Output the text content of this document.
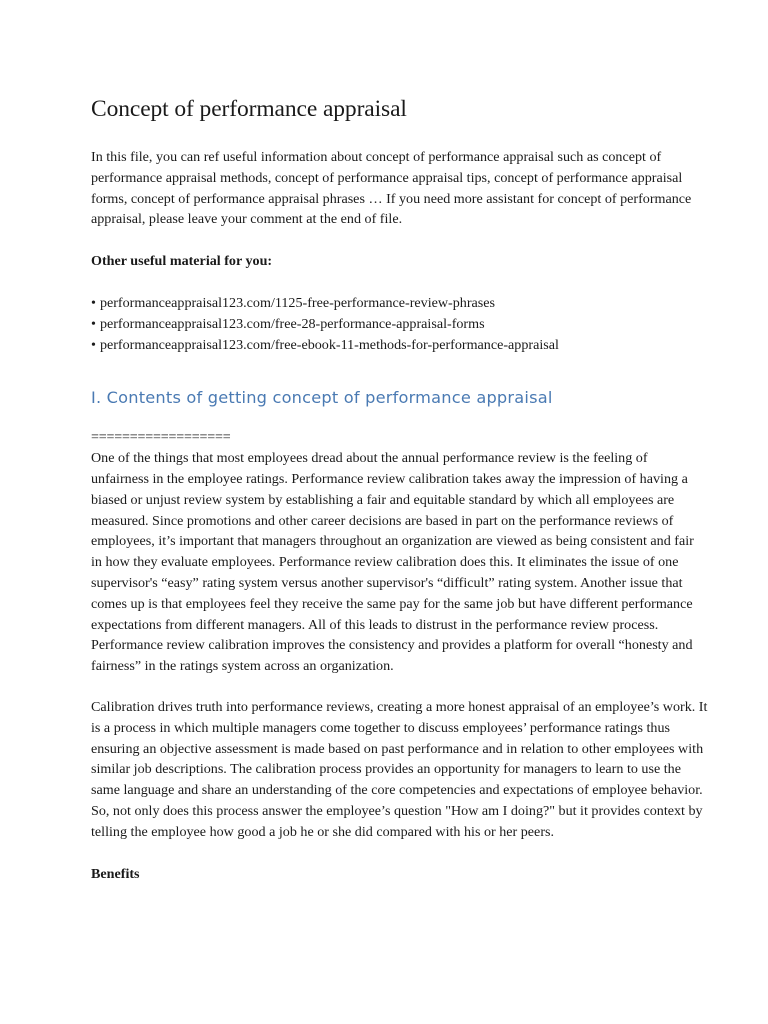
Concept of performance appraisal

In this file, you can ref useful information about concept of performance appraisal such as concept of performance appraisal methods, concept of performance appraisal tips, concept of performance appraisal forms, concept of performance appraisal phrases … If you need more assistant for concept of performance appraisal, please leave your comment at the end of file.

Other useful material for you:

• performanceappraisal123.com/1125-free-performance-review-phrases
• performanceappraisal123.com/free-28-performance-appraisal-forms
• performanceappraisal123.com/free-ebook-11-methods-for-performance-appraisal
I. Contents of getting concept of performance appraisal

==================

One of the things that most employees dread about the annual performance review is the feeling of unfairness in the employee ratings. Performance review calibration takes away the impression of having a biased or unjust review system by establishing a fair and equitable standard by which all employees are measured. Since promotions and other career decisions are based in part on the performance reviews of employees, it’s important that managers throughout an organization are viewed as being consistent and fair in how they evaluate employees. Performance review calibration does this. It eliminates the issue of one supervisor's “easy” rating system versus another supervisor's “difficult” rating system. Another issue that comes up is that employees feel they receive the same pay for the same job but have different performance expectations from different managers. All of this leads to distrust in the performance review process. Performance review calibration improves the consistency and provides a platform for overall “honesty and fairness” in the ratings system across an organization.

Calibration drives truth into performance reviews, creating a more honest appraisal of an employee’s work. It is a process in which multiple managers come together to discuss employees’ performance ratings thus ensuring an objective assessment is made based on past performance and in relation to other employees with similar job descriptions. The calibration process provides an opportunity for managers to learn to use the same language and share an understanding of the core competencies and expectations of employee behavior. So, not only does this process answer the employee’s question "How am I doing?" but it provides context by telling the employee how good a job he or she did compared with his or her peers.

Benefits
